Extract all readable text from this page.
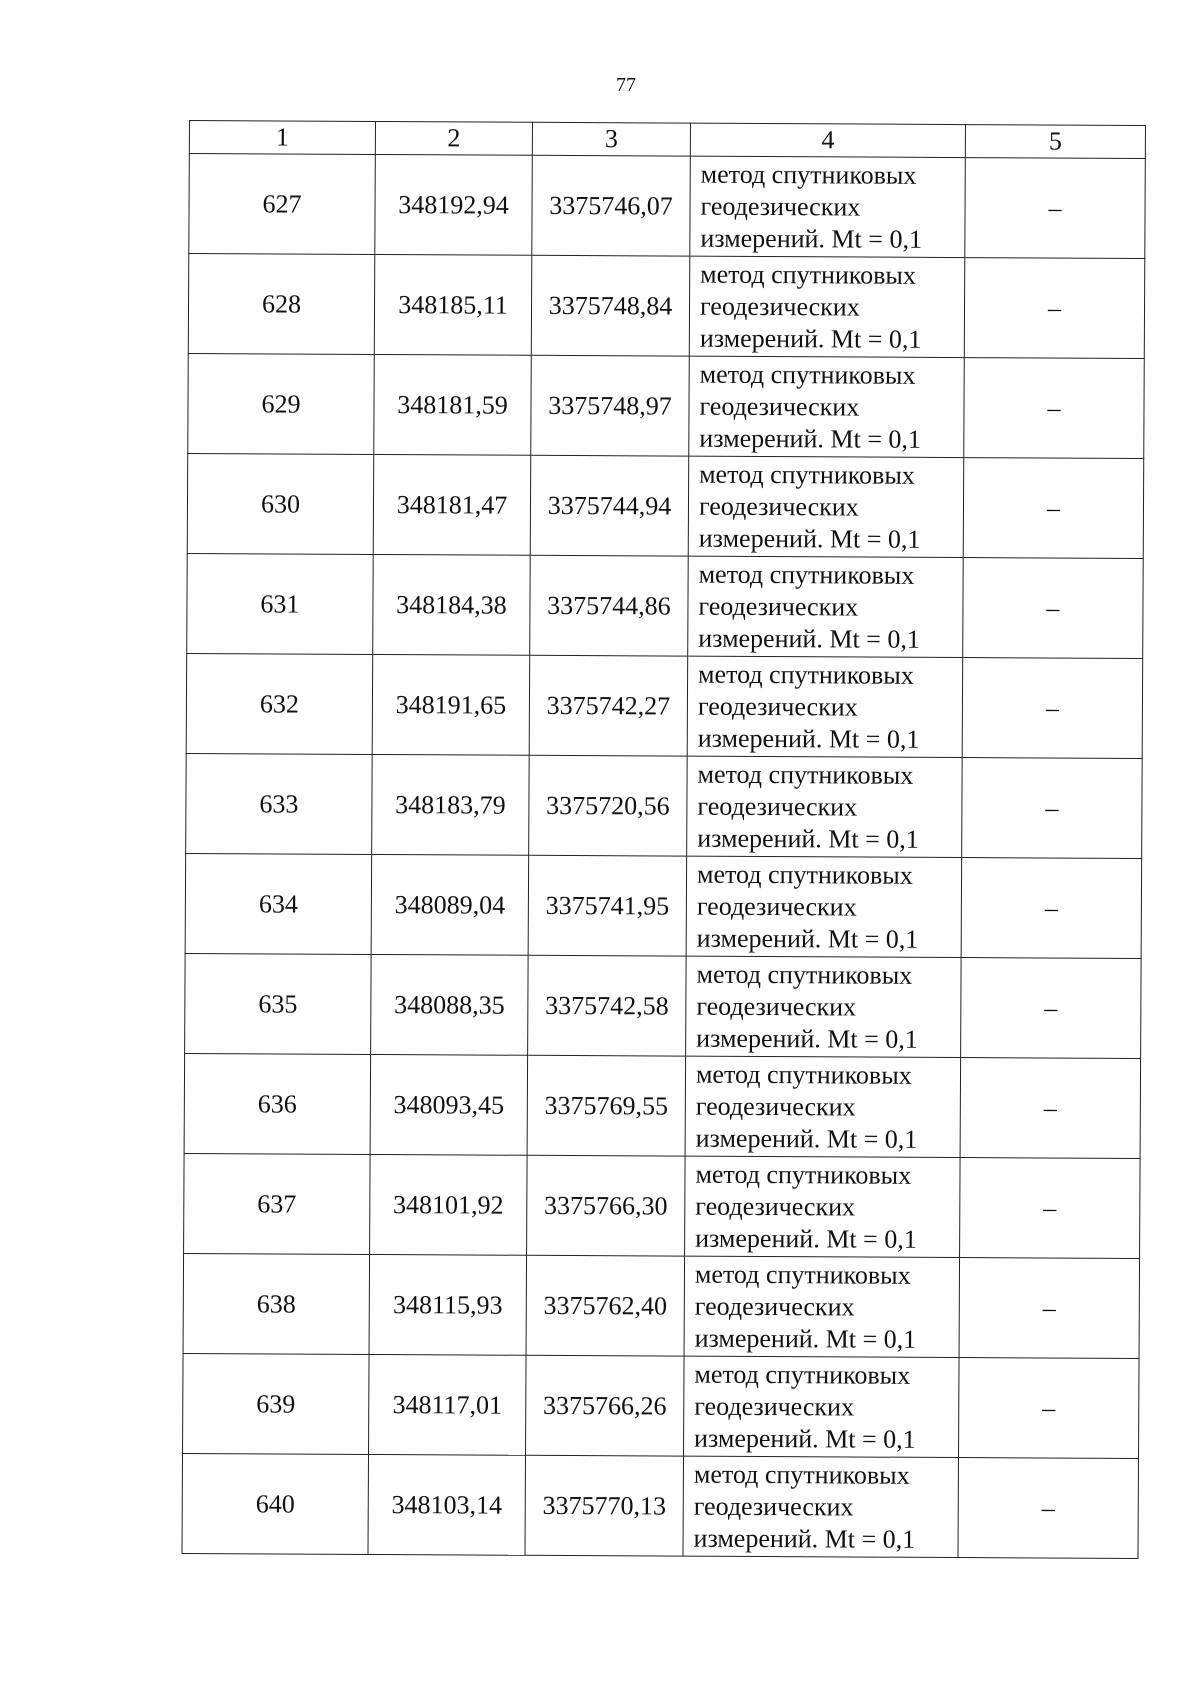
77
1	2	3	4	5
627	348192,94	3375746,07	метод спутниковых
геодезических
измерений. Mt = 0,1	–
628	348185,11	3375748,84	метод спутниковых
геодезических
измерений. Mt = 0,1	–
629	348181,59	3375748,97	метод спутниковых
геодезических
измерений. Mt = 0,1	–
630	348181,47	3375744,94	метод спутниковых
геодезических
измерений. Mt = 0,1	–
631	348184,38	3375744,86	метод спутниковых
геодезических
измерений. Mt = 0,1	–
632	348191,65	3375742,27	метод спутниковых
геодезических
измерений. Mt = 0,1	–
633	348183,79	3375720,56	метод спутниковых
геодезических
измерений. Mt = 0,1	–
634	348089,04	3375741,95	метод спутниковых
геодезических
измерений. Mt = 0,1	–
635	348088,35	3375742,58	метод спутниковых
геодезических
измерений. Mt = 0,1	–
636	348093,45	3375769,55	метод спутниковых
геодезических
измерений. Mt = 0,1	–
637	348101,92	3375766,30	метод спутниковых
геодезических
измерений. Mt = 0,1	–
638	348115,93	3375762,40	метод спутниковых
геодезических
измерений. Mt = 0,1	–
639	348117,01	3375766,26	метод спутниковых
геодезических
измерений. Mt = 0,1	–
640	348103,14	3375770,13	метод спутниковых
геодезических
измерений. Mt = 0,1	–
